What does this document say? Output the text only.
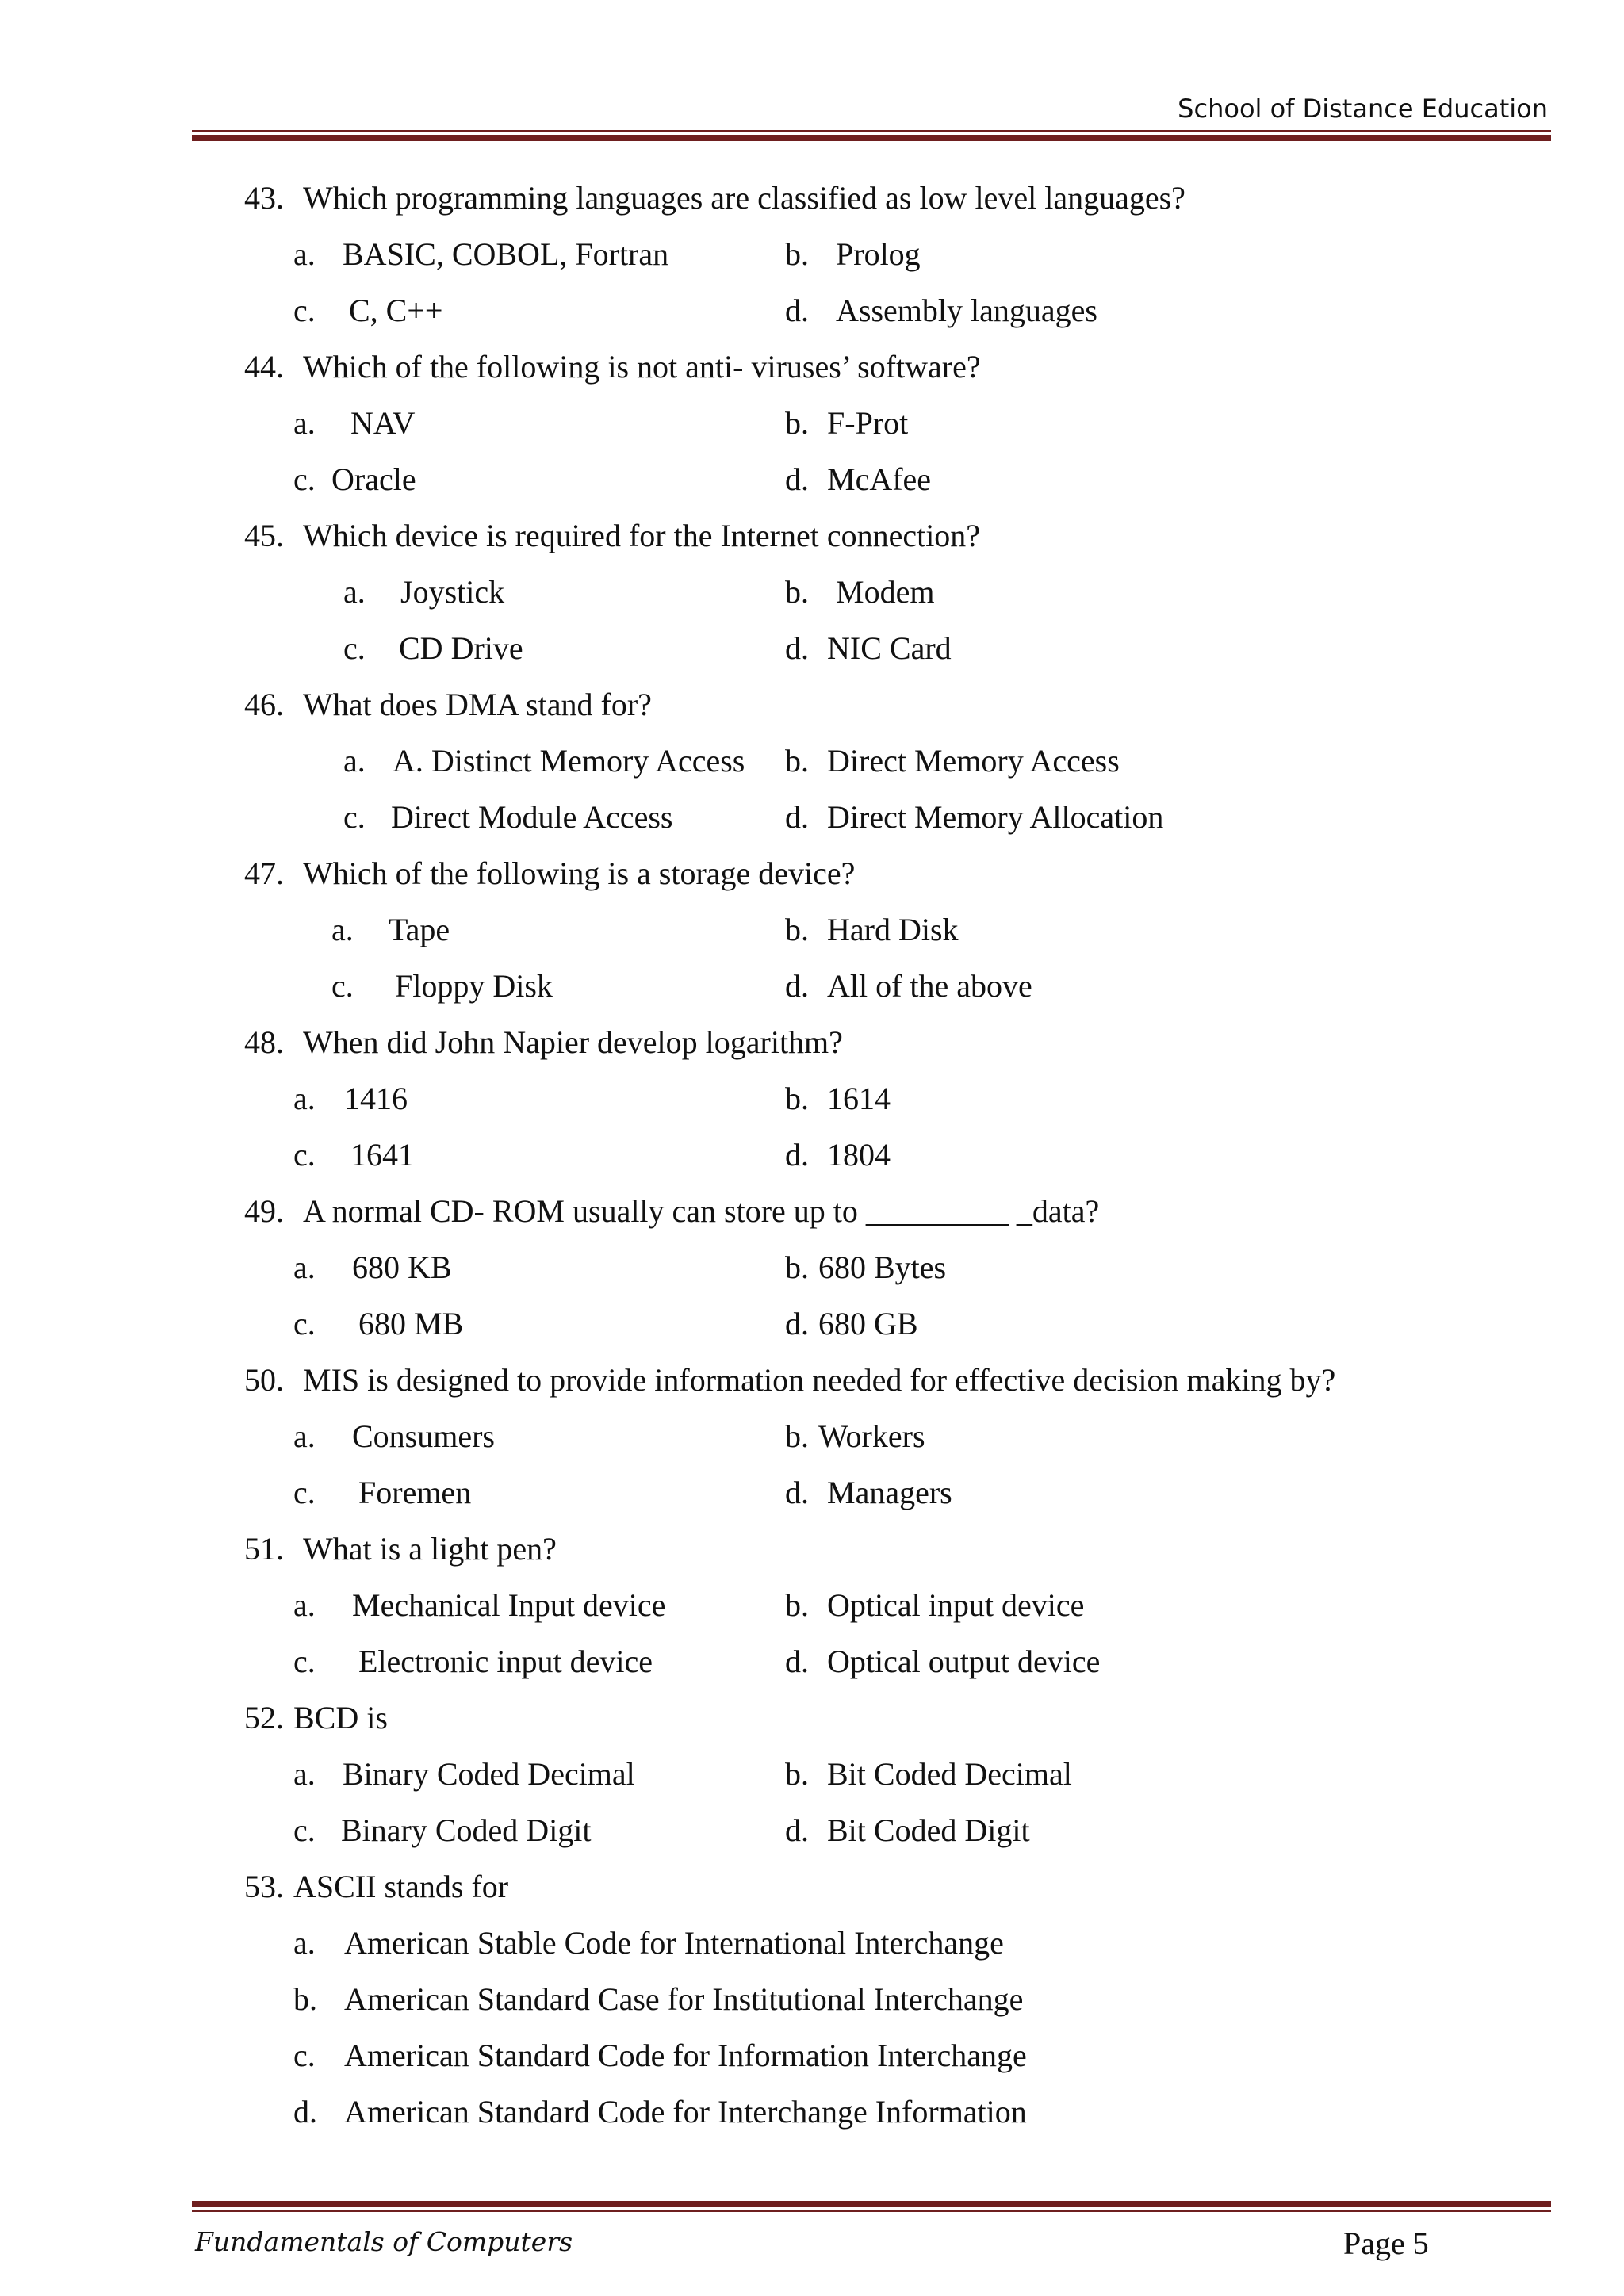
School of Distance Education
43. Which programming languages are classified as low level languages?
a. BASIC, COBOL, Fortran	b. Prolog
c. C, C++	d. Assembly languages
44. Which of the following is not anti- viruses’ software?
a. NAV	b. F-Prot
c. Oracle	d. McAfee
45. Which device is required for the Internet connection?
a. Joystick	b. Modem
c. CD Drive	d. NIC Card
46. What does DMA stand for?
a. A. Distinct Memory Access b. Direct Memory Access
c. Direct Module Access	d. Direct Memory Allocation
47. Which of the following is a storage device?
a. Tape	b. Hard Disk
c. Floppy Disk	d. All of the above
48. When did John Napier develop logarithm?
a. 1416	b. 1614
c. 1641	d. 1804
49. A normal CD- ROM usually can store up to _________ _data?
a. 680 KB	b. 680 Bytes
c. 680 MB	d. 680 GB
50. MIS is designed to provide information needed for effective decision making by?
a. Consumers	b. Workers
c. Foremen	d. Managers
51. What is a light pen?
a. Mechanical Input device	b. Optical input device
c. Electronic input device	d. Optical output device
52. BCD is
a. Binary Coded Decimal	b. Bit Coded Decimal
c. Binary Coded Digit	d. Bit Coded Digit
53. ASCII stands for
a. American Stable Code for International Interchange
b. American Standard Case for Institutional Interchange
c. American Standard Code for Information Interchange
d. American Standard Code for Interchange Information
Fundamentals of Computers	Page 5
